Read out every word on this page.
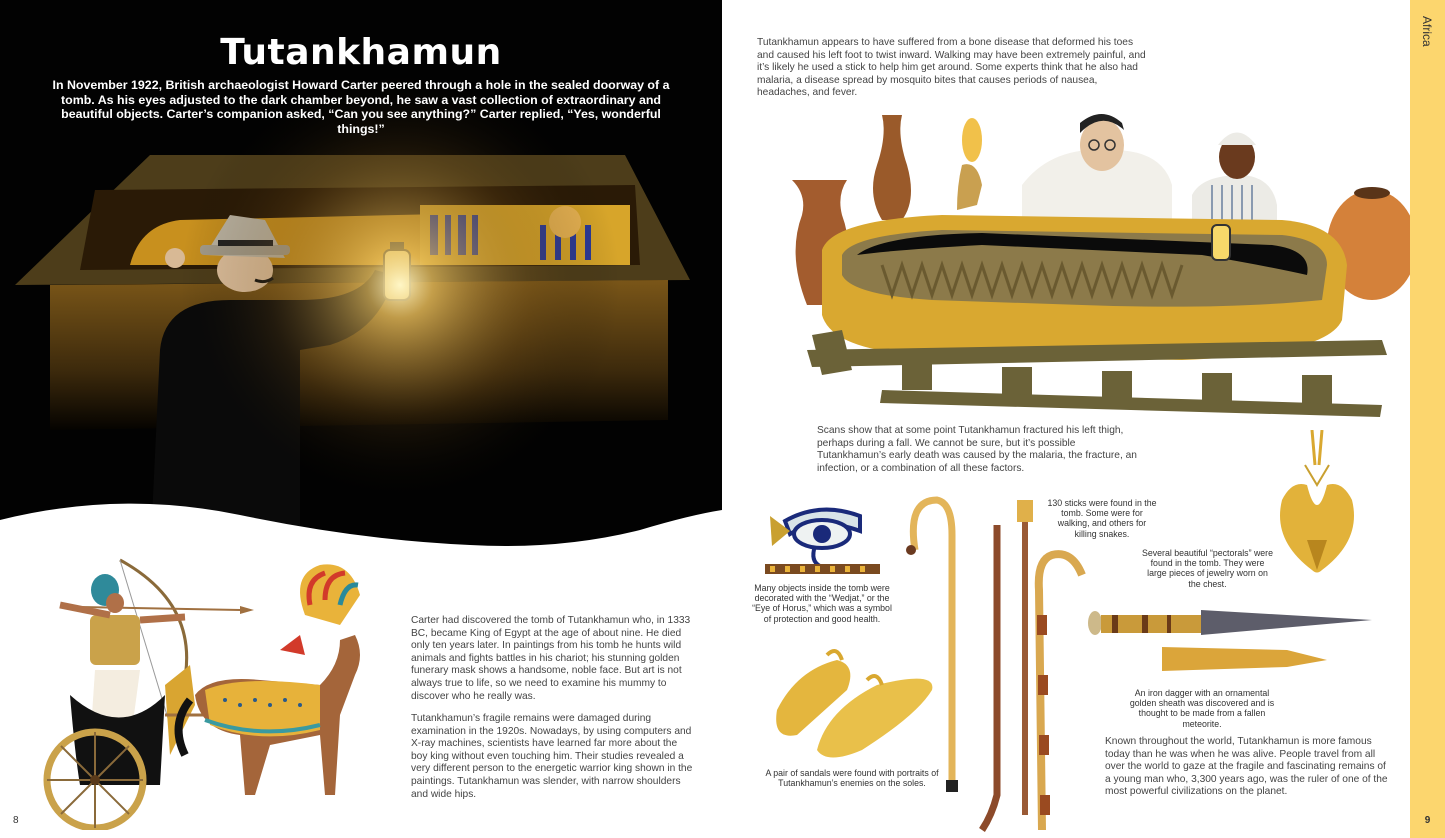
Tutankhamun
In November 1922, British archaeologist Howard Carter peered through a hole in the sealed doorway of a tomb. As his eyes adjusted to the dark chamber beyond, he saw a vast collection of extraordinary and beautiful objects. Carter’s companion asked, “Can you see anything?” Carter replied, “Yes, wonderful things!”
Carter had discovered the tomb of Tutankhamun who, in 1333 BC, became King of Egypt at the age of about nine. He died only ten years later. In paintings from his tomb he hunts wild animals and fights battles in his chariot; his stunning golden funerary mask shows a handsome, noble face. But art is not always true to life, so we need to examine his mummy to discover who he really was.
Tutankhamun’s fragile remains were damaged during examination in the 1920s. Nowadays, by using computers and X-ray machines, scientists have learned far more about the boy king without even touching him. Their studies revealed a very different person to the energetic warrior king shown in the paintings. Tutankhamun was slender, with narrow shoulders and wide hips.
8
Tutankhamun appears to have suffered from a bone disease that deformed his toes and caused his left foot to twist inward. Walking may have been extremely painful, and it’s likely he used a stick to help him get around. Some experts think that he also had malaria, a disease spread by mosquito bites that causes periods of nausea, headaches, and fever.
Scans show that at some point Tutankhamun fractured his left thigh, perhaps during a fall. We cannot be sure, but it’s possible Tutankhamun’s early death was caused by the malaria, the fracture, an infection, or a combination of all these factors.
Many objects inside the tomb were decorated with the “Wedjat,” or the “Eye of Horus,” which was a symbol of protection and good health.
A pair of sandals were found with portraits of Tutankhamun’s enemies on the soles.
130 sticks were found in the tomb. Some were for walking, and others for killing snakes.
Several beautiful “pectorals” were found in the tomb. They were large pieces of jewelry worn on the chest.
An iron dagger with an ornamental golden sheath was discovered and is thought to be made from a fallen meteorite.
Known throughout the world, Tutankhamun is more famous today than he was when he was alive. People travel from all over the world to gaze at the fragile and fascinating remains of a young man who, 3,300 years ago, was the ruler of one of the most powerful civilizations on the planet.
Africa
9
